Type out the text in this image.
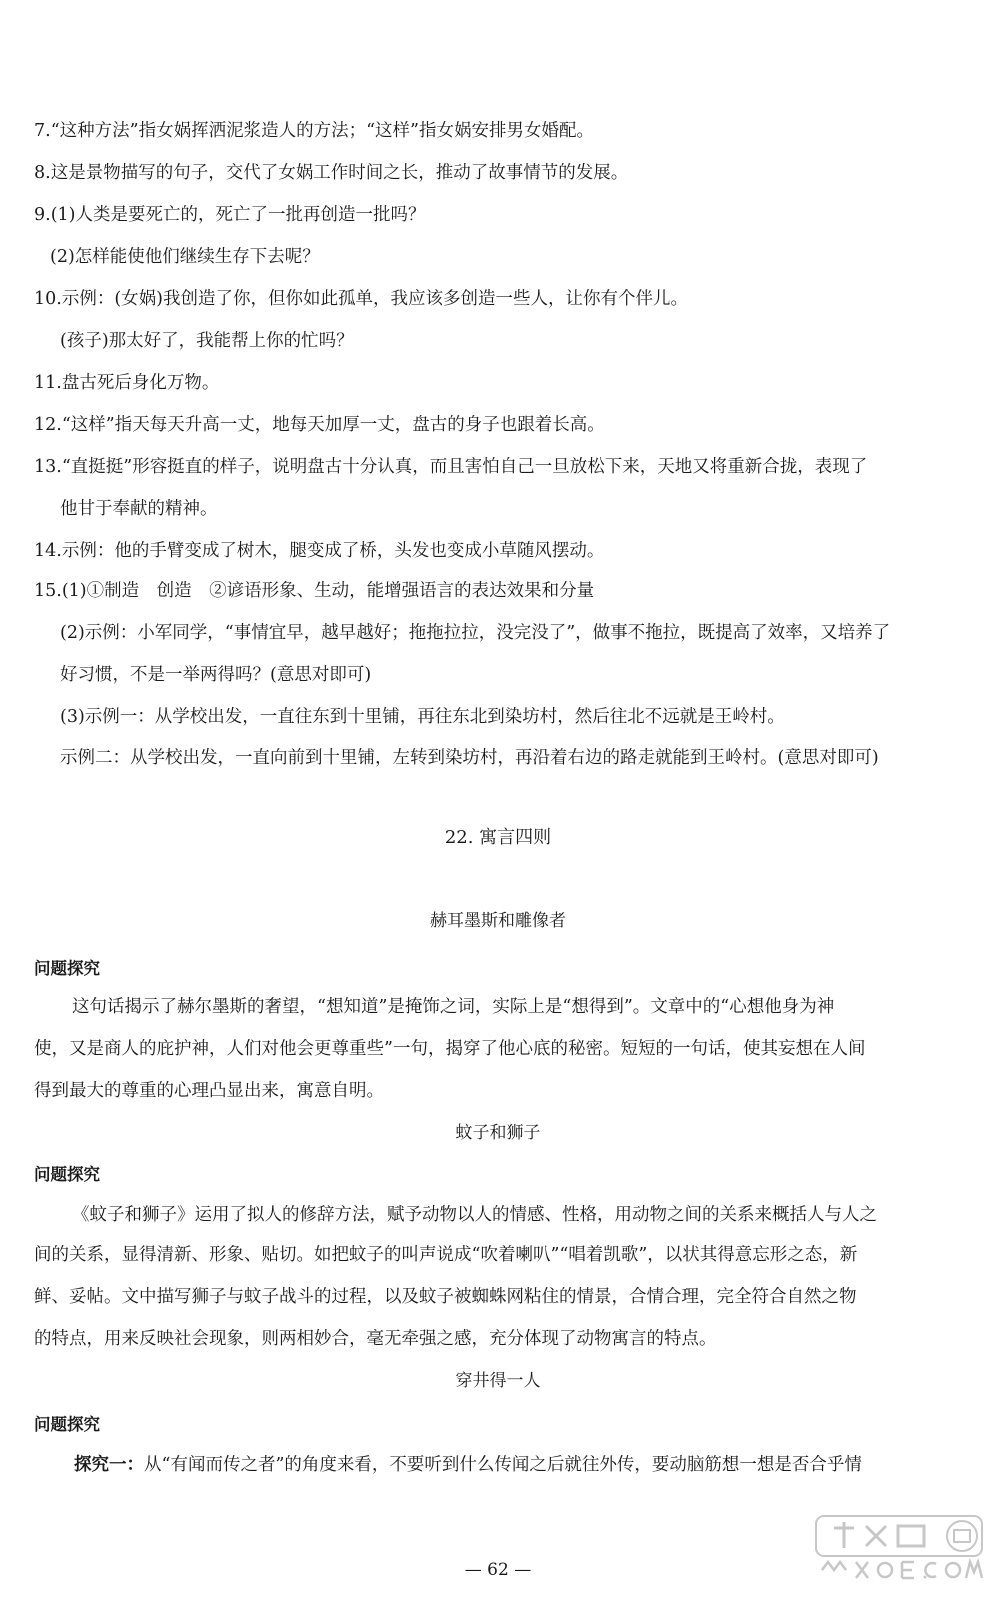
7.“这种方法”指女娲挥洒泥浆造人的方法；“这样”指女娲安排男女婚配。
8.这是景物描写的句子，交代了女娲工作时间之长，推动了故事情节的发展。
9.(1)人类是要死亡的，死亡了一批再创造一批吗？
(2)怎样能使他们继续生存下去呢？
10.示例：(女娲)我创造了你，但你如此孤单，我应该多创造一些人，让你有个伴儿。
(孩子)那太好了，我能帮上你的忙吗？
11.盘古死后身化万物。
12.“这样”指天每天升高一丈，地每天加厚一丈，盘古的身子也跟着长高。
13.“直挺挺”形容挺直的样子，说明盘古十分认真，而且害怕自己一旦放松下来，天地又将重新合拢，表现了
他甘于奉献的精神。
14.示例：他的手臂变成了树木，腿变成了桥，头发也变成小草随风摆动。
15.(1)①制造　创造　②谚语形象、生动，能增强语言的表达效果和分量
(2)示例：小军同学，“事情宜早，越早越好；拖拖拉拉，没完没了”，做事不拖拉，既提高了效率，又培养了
好习惯，不是一举两得吗？(意思对即可)
(3)示例一：从学校出发，一直往东到十里铺，再往东北到染坊村，然后往北不远就是王岭村。
示例二：从学校出发，一直向前到十里铺，左转到染坊村，再沿着右边的路走就能到王岭村。(意思对即可)
22. 寓言四则
赫耳墨斯和雕像者
问题探究
这句话揭示了赫尔墨斯的奢望，“想知道”是掩饰之词，实际上是“想得到”。文章中的“心想他身为神
使，又是商人的庇护神，人们对他会更尊重些”一句，揭穿了他心底的秘密。短短的一句话，使其妄想在人间
得到最大的尊重的心理凸显出来，寓意自明。
蚊子和狮子
问题探究
《蚊子和狮子》运用了拟人的修辞方法，赋予动物以人的情感、性格，用动物之间的关系来概括人与人之
间的关系，显得清新、形象、贴切。如把蚊子的叫声说成“吹着喇叭”“唱着凯歌”，以状其得意忘形之态，新
鲜、妥帖。文中描写狮子与蚊子战斗的过程，以及蚊子被蜘蛛网粘住的情景，合情合理，完全符合自然之物
的特点，用来反映社会现象，则两相妙合，毫无牵强之感，充分体现了动物寓言的特点。
穿井得一人
问题探究
探究一：从“有闻而传之者”的角度来看，不要听到什么传闻之后就往外传，要动脑筋想一想是否合乎情
— 62 —
